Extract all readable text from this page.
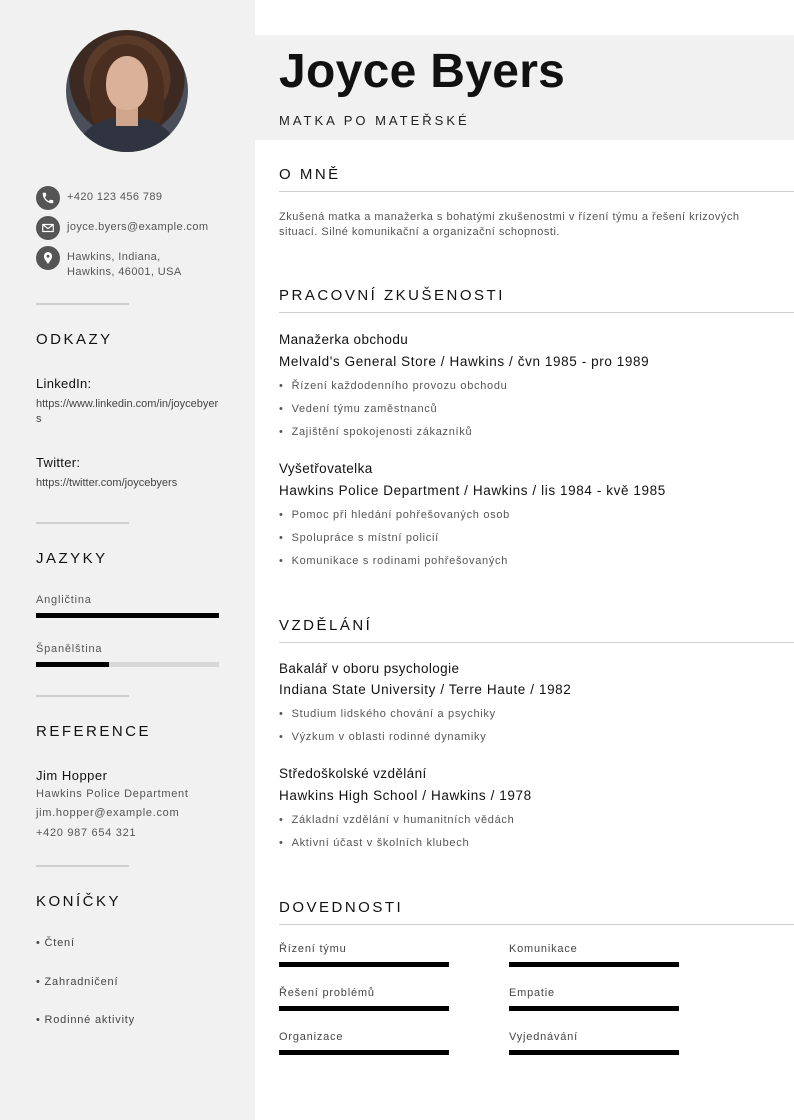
+420 123 456 789
joyce.byers@example.com
Hawkins, Indiana,
Hawkins, 46001, USA
ODKAZY
LinkedIn:
https://www.linkedin.com/in/joycebyers
Twitter:
https://twitter.com/joycebyers
JAZYKY
Angličtina
Španělština
REFERENCE
Jim Hopper
Hawkins Police Department
jim.hopper@example.com
+420 987 654 321
KONÍČKY
• Čtení
• Zahradničení
• Rodinné aktivity
Joyce Byers
MATKA PO MATEŘSKÉ
O MNĚ
Zkušená matka a manažerka s bohatými zkušenostmi v řízení týmu a řešení krizových situací. Silné komunikační a organizační schopnosti.
PRACOVNÍ ZKUŠENOSTI
Manažerka obchodu
Melvald's General Store / Hawkins / čvn 1985 - pro 1989
• Řízení každodenního provozu obchodu
• Vedení týmu zaměstnanců
• Zajištění spokojenosti zákazníků
Vyšetřovatelka
Hawkins Police Department / Hawkins / lis 1984 - kvě 1985
• Pomoc při hledání pohřešovaných osob
• Spolupráce s místní policií
• Komunikace s rodinami pohřešovaných
VZDĚLÁNÍ
Bakalář v oboru psychologie
Indiana State University / Terre Haute / 1982
• Studium lidského chování a psychiky
• Výzkum v oblasti rodinné dynamiky
Středoškolské vzdělání
Hawkins High School / Hawkins / 1978
• Základní vzdělání v humanitních vědách
• Aktivní účast v školních klubech
DOVEDNOSTI
Řízení týmu	Komunikace
Řešení problémů	Empatie
Organizace	Vyjednávání
